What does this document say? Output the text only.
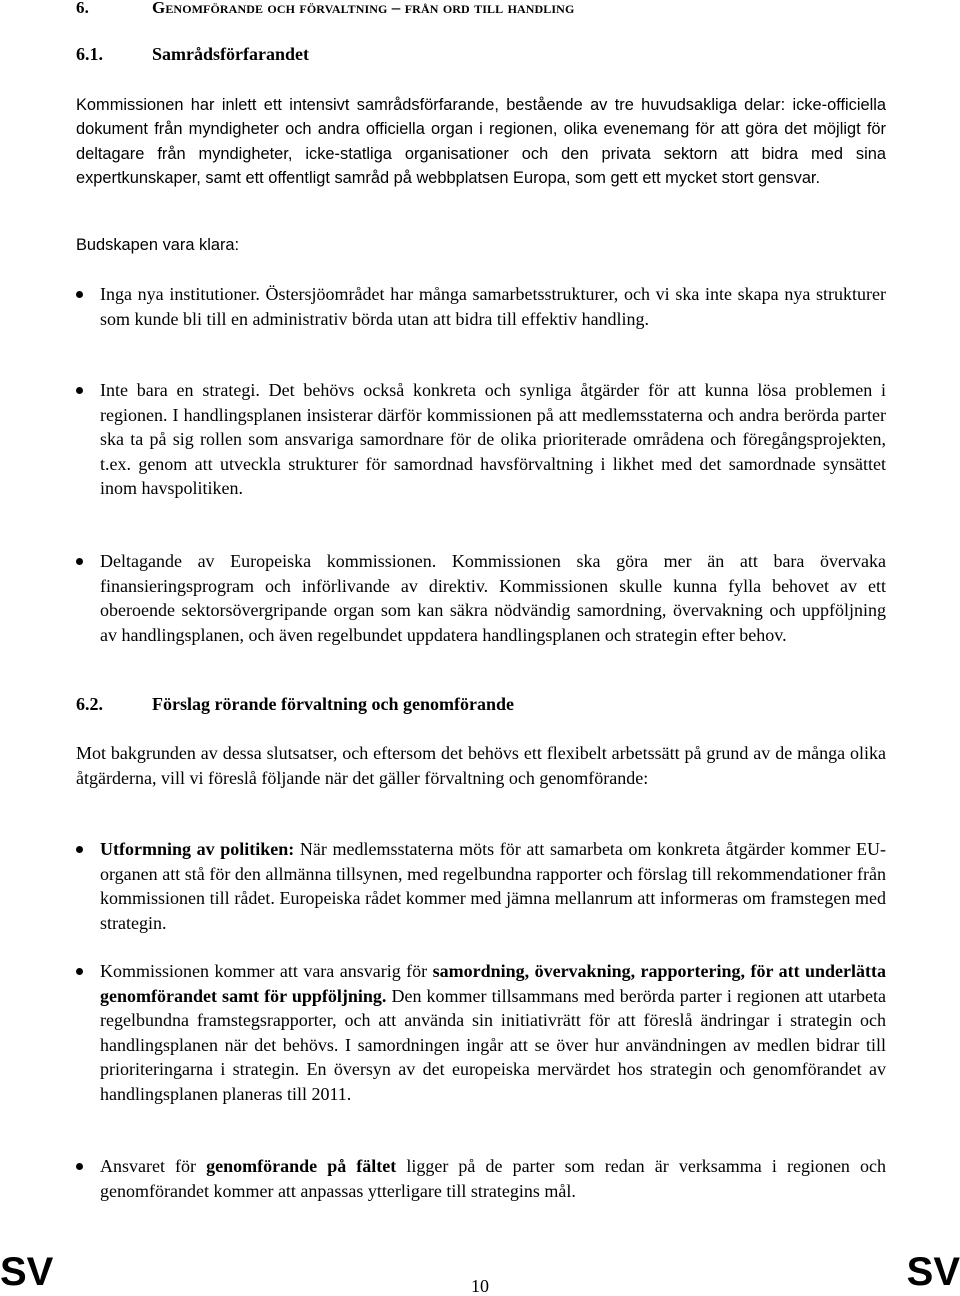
6.	Genomförande och förvaltning – från ord till handling
6.1.	Samrådsförfarandet

Kommissionen har inlett ett intensivt samrådsförfarande, bestående av tre huvudsakliga delar: icke-officiella dokument från myndigheter och andra officiella organ i regionen, olika evenemang för att göra det möjligt för deltagare från myndigheter, icke-statliga organisationer och den privata sektorn att bidra med sina expertkunskaper, samt ett offentligt samråd på webbplatsen Europa, som gett ett mycket stort gensvar.

Budskapen vara klara:

Inga nya institutioner. Östersjöområdet har många samarbetsstrukturer, och vi ska inte skapa nya strukturer som kunde bli till en administrativ börda utan att bidra till effektiv handling.

Inte bara en strategi. Det behövs också konkreta och synliga åtgärder för att kunna lösa problemen i regionen. I handlingsplanen insisterar därför kommissionen på att medlemsstaterna och andra berörda parter ska ta på sig rollen som ansvariga samordnare för de olika prioriterade områdena och föregångsprojekten, t.ex. genom att utveckla strukturer för samordnad havsförvaltning i likhet med det samordnade synsättet inom havspolitiken.

Deltagande av Europeiska kommissionen. Kommissionen ska göra mer än att bara övervaka finansieringsprogram och införlivande av direktiv. Kommissionen skulle kunna fylla behovet av ett oberoende sektorsövergripande organ som kan säkra nödvändig samordning, övervakning och uppföljning av handlingsplanen, och även regelbundet uppdatera handlingsplanen och strategin efter behov.

6.2.	Förslag rörande förvaltning och genomförande

Mot bakgrunden av dessa slutsatser, och eftersom det behövs ett flexibelt arbetssätt på grund av de många olika åtgärderna, vill vi föreslå följande när det gäller förvaltning och genomförande:

Utformning av politiken: När medlemsstaterna möts för att samarbeta om konkreta åtgärder kommer EU-organen att stå för den allmänna tillsynen, med regelbundna rapporter och förslag till rekommendationer från kommissionen till rådet. Europeiska rådet kommer med jämna mellanrum att informeras om framstegen med strategin.

Kommissionen kommer att vara ansvarig för samordning, övervakning, rapportering, för att underlätta genomförandet samt för uppföljning. Den kommer tillsammans med berörda parter i regionen att utarbeta regelbundna framstegsrapporter, och att använda sin initiativrätt för att föreslå ändringar i strategin och handlingsplanen när det behövs. I samordningen ingår att se över hur användningen av medlen bidrar till prioriteringarna i strategin. En översyn av det europeiska mervärdet hos strategin och genomförandet av handlingsplanen planeras till 2011.

Ansvaret för genomförande på fältet ligger på de parter som redan är verksamma i regionen och genomförandet kommer att anpassas ytterligare till strategins mål.

SV	10	SV
